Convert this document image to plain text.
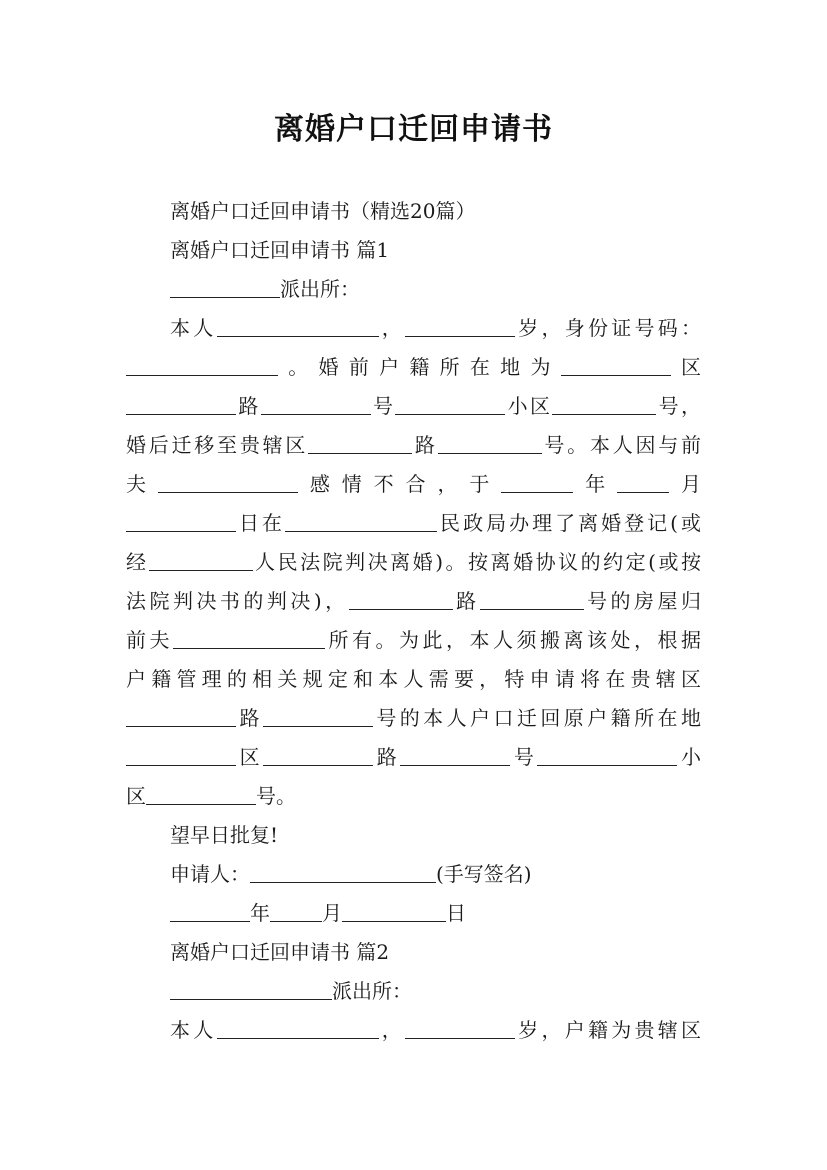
离婚户口迁回申请书
离婚户口迁回申请书（精选20篇）
离婚户口迁回申请书 篇1
派出所：
本人	，	岁，身份证号码：
。婚前户籍所在地为	区
路	号	小区	号，
婚后迁移至贵辖区	路	号。本人因与前
夫	感情不合，于	年	月
日在	民政局办理了离婚登记(或
经	人民法院判决离婚)。按离婚协议的约定(或按
法院判决书的判决)，	路	号的房屋归
前夫	所有。为此，本人须搬离该处，根据
户籍管理的相关规定和本人需要，特申请将在贵辖区
路	号的本人户口迁回原户籍所在地
区	路	号	小
区	号。
望早日批复!
申请人：	(手写签名)
年	月	日
离婚户口迁回申请书 篇2
派出所：
本人	，	岁，户籍为贵辖区
